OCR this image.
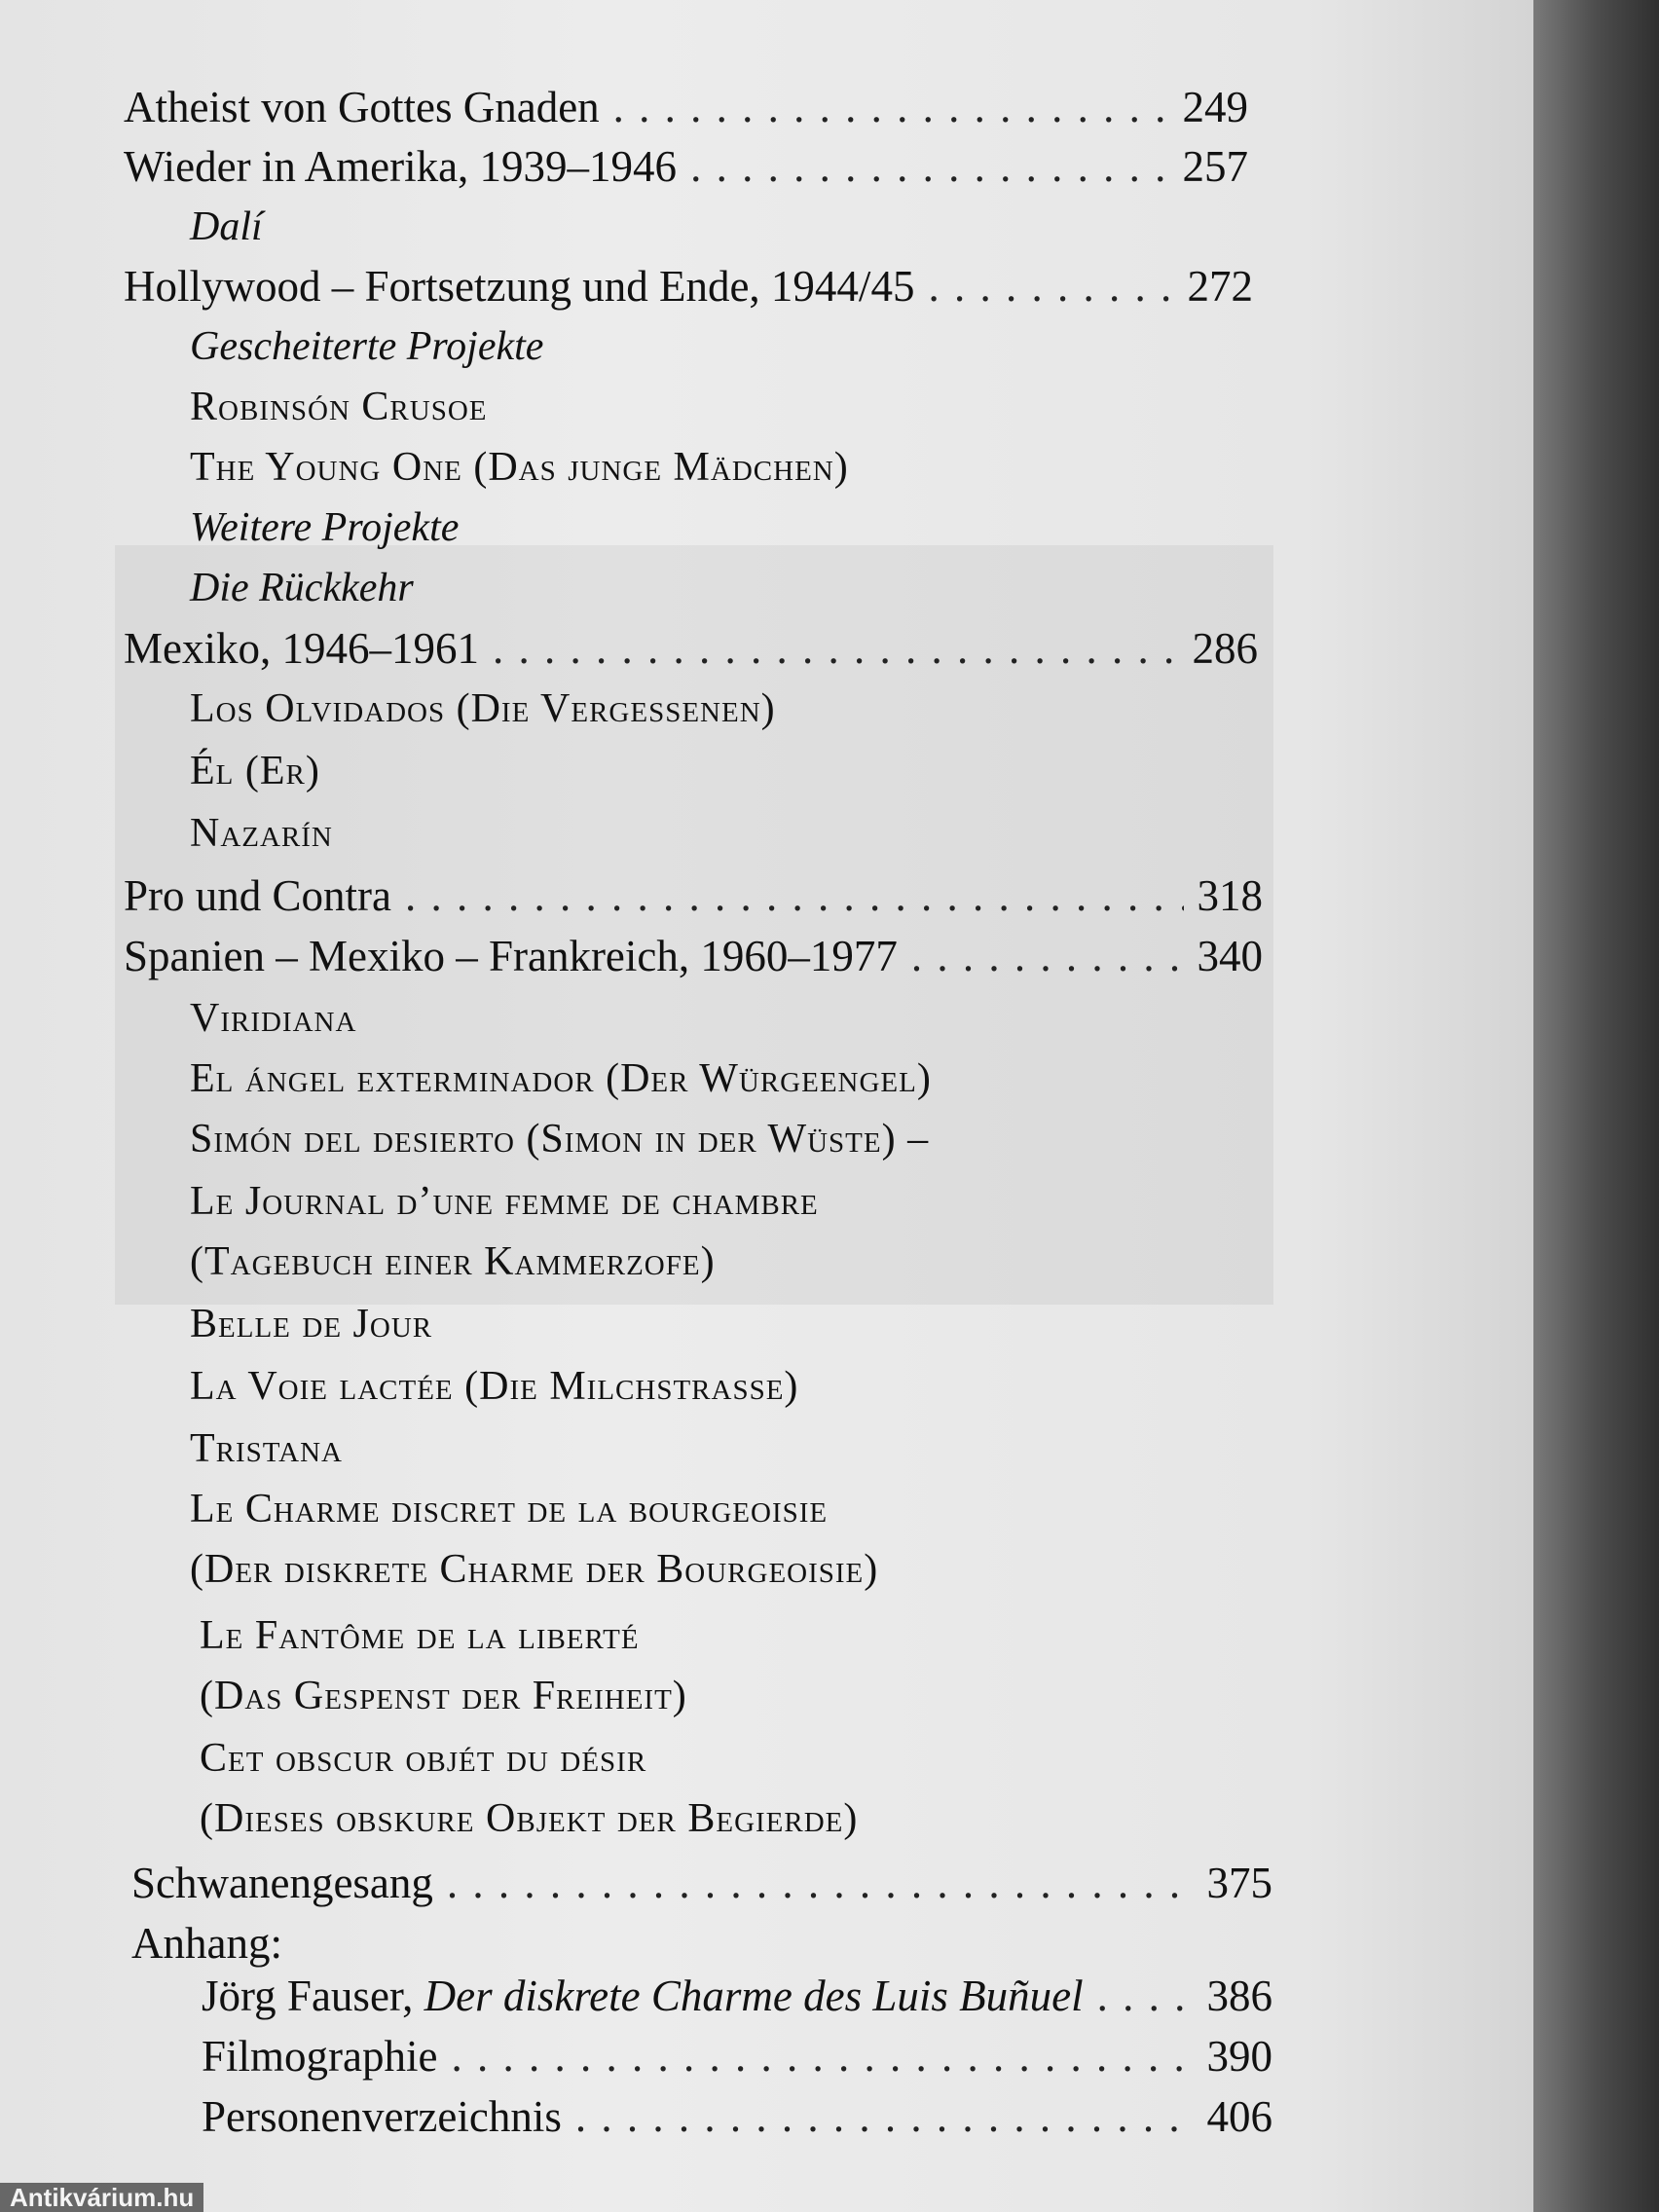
Atheist von Gottes Gnaden . . .	249
Wieder in Amerika, 1939–1946 . . .	257
Dalí
Hollywood – Fortsetzung und Ende, 1944/45 . . .	272
Gescheiterte Projekte
Robinsón Crusoe
The Young One (Das junge Mädchen)
Weitere Projekte
Die Rückkehr
Mexiko, 1946–1961 . . .	286
Los Olvidados (Die Vergessenen)
Él (Er)
Nazarín
Pro und Contra . . .	318
Spanien – Mexiko – Frankreich, 1960–1977 . . .	340
Viridiana
El ángel exterminador (Der Würgeengel)
Simón del desierto (Simon in der Wüste) –
Le Journal d’une femme de chambre
(Tagebuch einer Kammerzofe)
Belle de Jour
La Voie lactée (Die Milchstrasse)
Tristana
Le Charme discret de la bourgeoisie
(Der diskrete Charme der Bourgeoisie)
Le Fantôme de la liberté
(Das Gespenst der Freiheit)
Cet obscur objét du désir
(Dieses obskure Objekt der Begierde)
Schwanengesang . . .	375
Anhang:
Jörg Fauser, Der diskrete Charme des Luis Buñuel . . .	386
Filmographie . . .	390
Personenverzeichnis . . .	406
Antikvárium.hu
